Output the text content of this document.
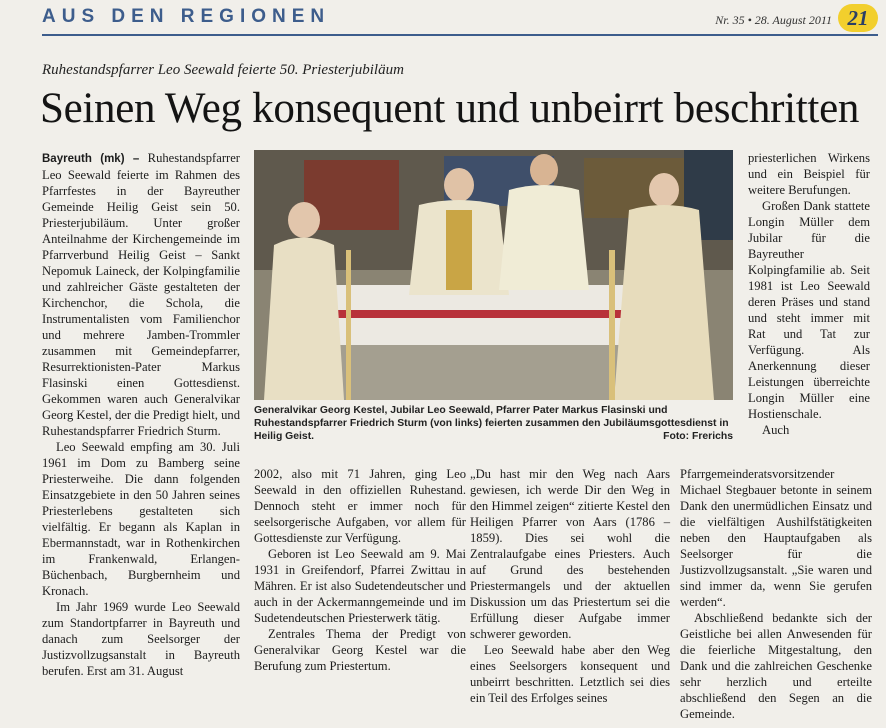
AUS DEN REGIONEN	Nr. 35 • 28. August 2011 21
Ruhestandspfarrer Leo Seewald feierte 50. Priesterjubiläum
Seinen Weg konsequent und unbeirrt beschritten

Bayreuth (mk) – Ruhestandspfarrer Leo Seewald feierte im Rahmen des Pfarrfestes in der Bayreuther Gemeinde Heilig Geist sein 50. Priesterjubiläum. Unter großer Anteilnahme der Kirchengemeinde im Pfarrverbund Heilig Geist – Sankt Nepomuk Laineck, der Kolpingfamilie und zahlreicher Gäste gestalteten der Kirchenchor, die Schola, die Instrumentalisten vom Familienchor und mehrere Jamben-Trommler zusammen mit Gemeindepfarrer, Resurrektionisten-Pater Markus Flasinski einen Gottesdienst. Gekommen waren auch Generalvikar Georg Kestel, der die Predigt hielt, und Ruhestandspfarrer Friedrich Sturm.

Leo Seewald empfing am 30. Juli 1961 im Dom zu Bamberg seine Priesterweihe. Die dann folgenden Einsatzgebiete in den 50 Jahren seines Priesterlebens gestalteten sich vielfältig. Er begann als Kaplan in Ebermannstadt, war in Rothenkirchen im Frankenwald, Erlangen-Büchenbach, Burgbernheim und Kronach.

Im Jahr 1969 wurde Leo Seewald zum Standortpfarrer in Bayreuth und danach zum Seelsorger der Justizvollzugsanstalt in Bayreuth berufen. Erst am 31. August

Generalvikar Georg Kestel, Jubilar Leo Seewald, Pfarrer Pater Markus Flasinski und Ruhestandspfarrer Friedrich Sturm (von links) feierten zusammen den Jubiläumsgottesdienst in Heilig Geist.	Foto: Frerichs

2002, also mit 71 Jahren, ging Leo Seewald in den offiziellen Ruhestand. Dennoch steht er immer noch für seelsorgerische Aufgaben, vor allem für Gottesdienste zur Verfügung.

Geboren ist Leo Seewald am 9. Mai 1931 in Greifendorf, Pfarrei Zwittau in Mähren. Er ist also Sudetendeutscher und auch in der Ackermanngemeinde und im Sudetendeutschen Priesterwerk tätig.

Zentrales Thema der Predigt von Generalvikar Georg Kestel war die Berufung zum Priestertum.

„Du hast mir den Weg nach Aars gewiesen, ich werde Dir den Weg in den Himmel zeigen“ zitierte Kestel den Heiligen Pfarrer von Aars (1786 – 1859). Dies sei wohl die Zentralaufgabe eines Priesters. Auch auf Grund des bestehenden Priestermangels und der aktuellen Diskussion um das Priestertum sei die Erfüllung dieser Aufgabe immer schwerer geworden.

Leo Seewald habe aber den Weg eines Seelsorgers konsequent und unbeirrt beschritten. Letztlich sei dies ein Teil des Erfolges seines

priesterlichen Wirkens und ein Beispiel für weitere Berufungen.

Großen Dank stattete Longin Müller dem Jubilar für die Bayreuther Kolpingfamilie ab. Seit 1981 ist Leo Seewald deren Präses und stand und steht immer mit Rat und Tat zur Verfügung. Als Anerkennung dieser Leistungen überreichte Longin Müller eine Hostienschale.

Auch

Pfarrgemeinderatsvorsitzender Michael Stegbauer betonte in seinem Dank den unermüdlichen Einsatz und die vielfältigen Aushilfstätigkeiten neben den Hauptaufgaben als Seelsorger für die Justizvollzugsanstalt. „Sie waren und sind immer da, wenn Sie gerufen werden“.

Abschließend bedankte sich der Geistliche bei allen Anwesenden für die feierliche Mitgestaltung, den Dank und die zahlreichen Geschenke sehr herzlich und erteilte abschließend den Segen an die Gemeinde.
